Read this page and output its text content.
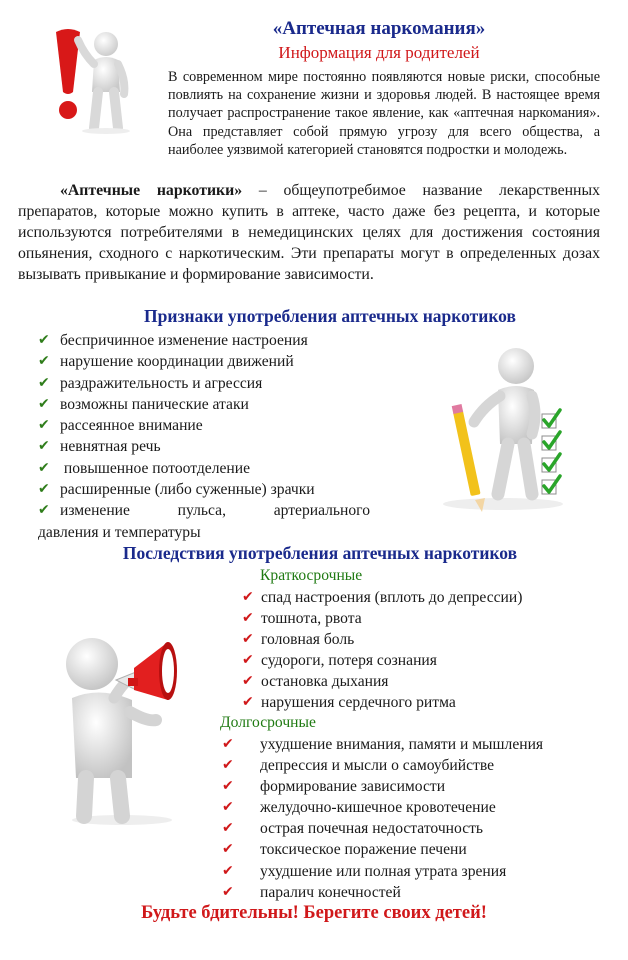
«Аптечная наркомания»
Информация для родителей

В современном мире постоянно появляются новые риски, способные повлиять на сохранение жизни и здоровья людей. В настоящее время получает распространение такое явление, как «аптечная наркомания». Она представляет собой прямую угрозу для всего общества, а наиболее уязвимой категорией становятся подростки и молодежь.

«Аптечные наркотики» – общеупотребимое название лекарственных препаратов, которые можно купить в аптеке, часто даже без рецепта, и которые используются потребителями в немедицинских целях для достижения состояния опьянения, сходного с наркотическим. Эти препараты могут в определенных дозах вызывать привыкание и формирование зависимости.

Признаки употребления аптечных наркотиков
✔ беспричинное изменение настроения
✔ нарушение координации движений
✔ раздражительность и агрессия
✔ возможны панические атаки
✔ рассеянное внимание
✔ невнятная речь
✔ повышенное потоотделение
✔ расширенные (либо суженные) зрачки
✔ изменение пульса, артериального
давления и температуры
Последствия употребления аптечных наркотиков
Краткосрочные
✔ спад настроения (вплоть до депрессии)
✔ тошнота, рвота
✔ головная боль
✔ судороги, потеря сознания
✔ остановка дыхания
✔ нарушения сердечного ритма
Долгосрочные
✔ ухудшение внимания, памяти и мышления
✔ депрессия и мысли о самоубийстве
✔ формирование зависимости
✔ желудочно-кишечное кровотечение
✔ острая почечная недостаточность
✔ токсическое поражение печени
✔ ухудшение или полная утрата зрения
✔ паралич конечностей
Будьте бдительны! Берегите своих детей!
